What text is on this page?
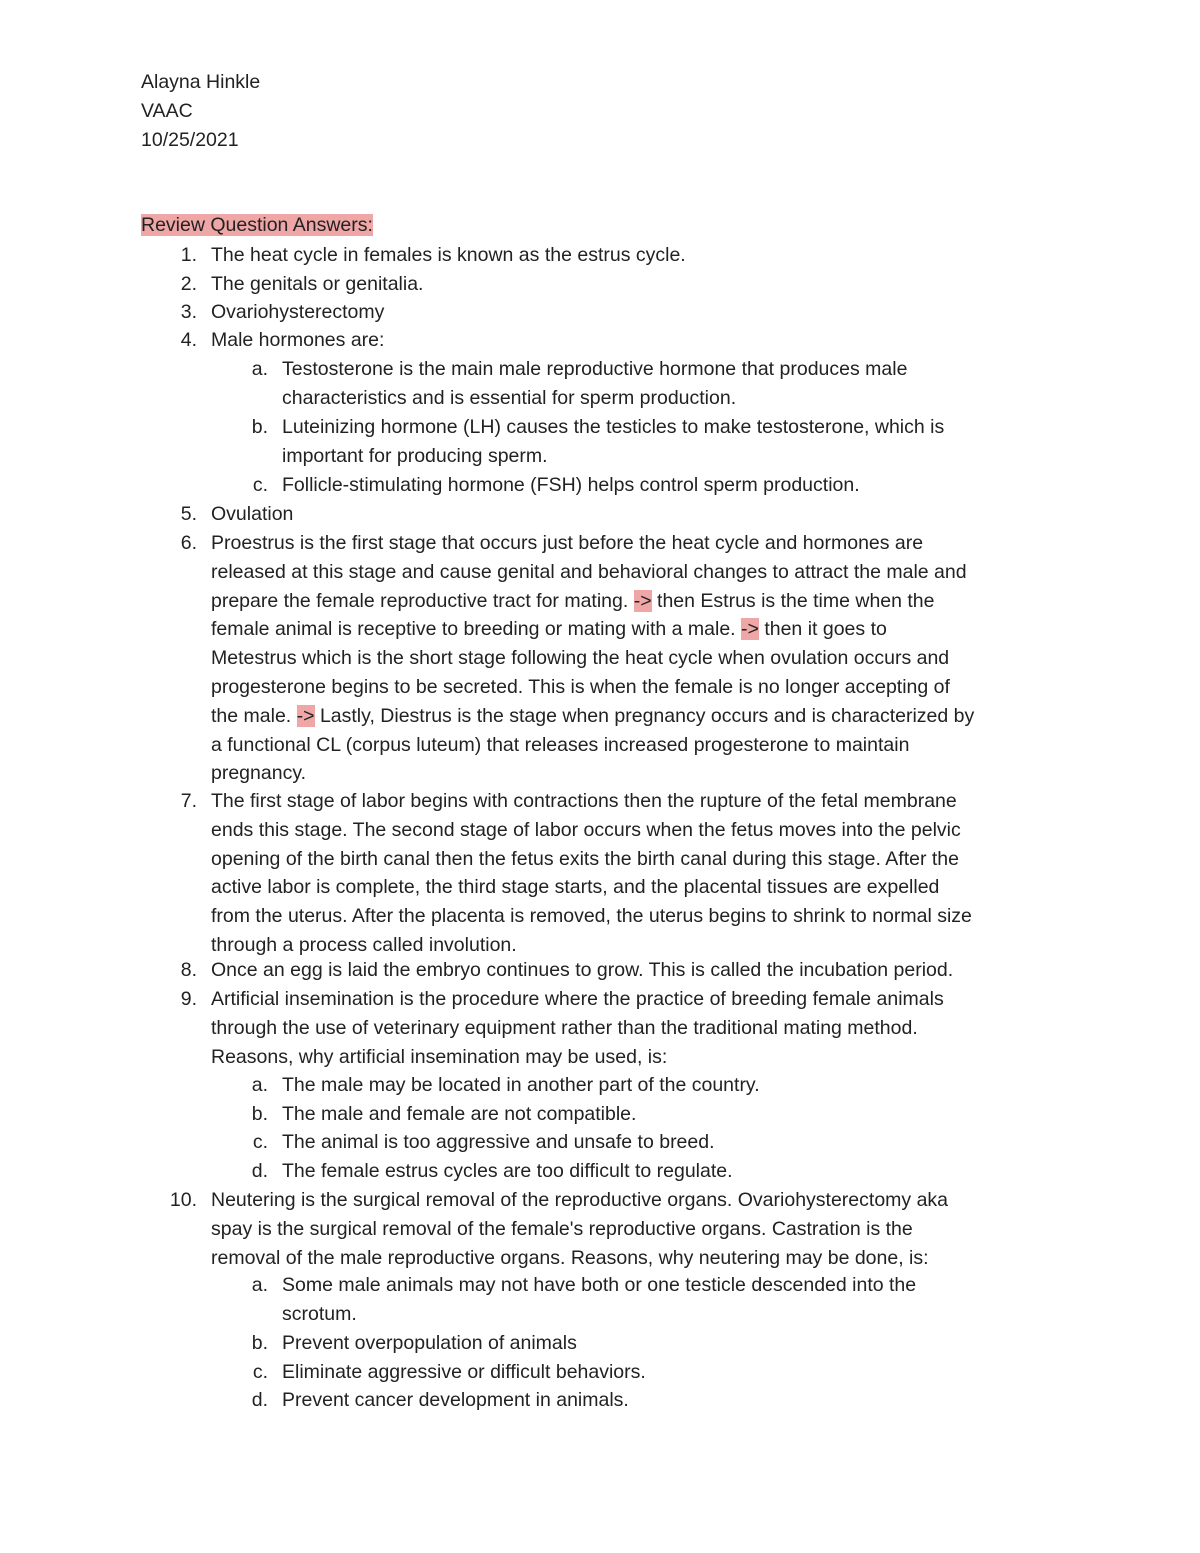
Alayna Hinkle
VAAC
10/25/2021
Review Question Answers:
1. The heat cycle in females is known as the estrus cycle.
2. The genitals or genitalia.
3. Ovariohysterectomy
4. Male hormones are:
a. Testosterone is the main male reproductive hormone that produces male
characteristics and is essential for sperm production.
b. Luteinizing hormone (LH) causes the testicles to make testosterone, which is
important for producing sperm.
c. Follicle-stimulating hormone (FSH) helps control sperm production.
5. Ovulation
6. Proestrus is the first stage that occurs just before the heat cycle and hormones are
released at this stage and cause genital and behavioral changes to attract the male and
prepare the female reproductive tract for mating. -> then Estrus is the time when the
female animal is receptive to breeding or mating with a male. -> then it goes to
Metestrus which is the short stage following the heat cycle when ovulation occurs and
progesterone begins to be secreted. This is when the female is no longer accepting of
the male. -> Lastly, Diestrus is the stage when pregnancy occurs and is characterized by
a functional CL (corpus luteum) that releases increased progesterone to maintain
pregnancy.
7. The first stage of labor begins with contractions then the rupture of the fetal membrane
ends this stage. The second stage of labor occurs when the fetus moves into the pelvic
opening of the birth canal then the fetus exits the birth canal during this stage. After the
active labor is complete, the third stage starts, and the placental tissues are expelled
from the uterus. After the placenta is removed, the uterus begins to shrink to normal size
through a process called involution.
8. Once an egg is laid the embryo continues to grow. This is called the incubation period.
9. Artificial insemination is the procedure where the practice of breeding female animals
through the use of veterinary equipment rather than the traditional mating method.
Reasons, why artificial insemination may be used, is:
a. The male may be located in another part of the country.
b. The male and female are not compatible.
c. The animal is too aggressive and unsafe to breed.
d. The female estrus cycles are too difficult to regulate.
10. Neutering is the surgical removal of the reproductive organs. Ovariohysterectomy aka
spay is the surgical removal of the female's reproductive organs. Castration is the
removal of the male reproductive organs. Reasons, why neutering may be done, is:
a. Some male animals may not have both or one testicle descended into the
scrotum.
b. Prevent overpopulation of animals
c. Eliminate aggressive or difficult behaviors.
d. Prevent cancer development in animals.
